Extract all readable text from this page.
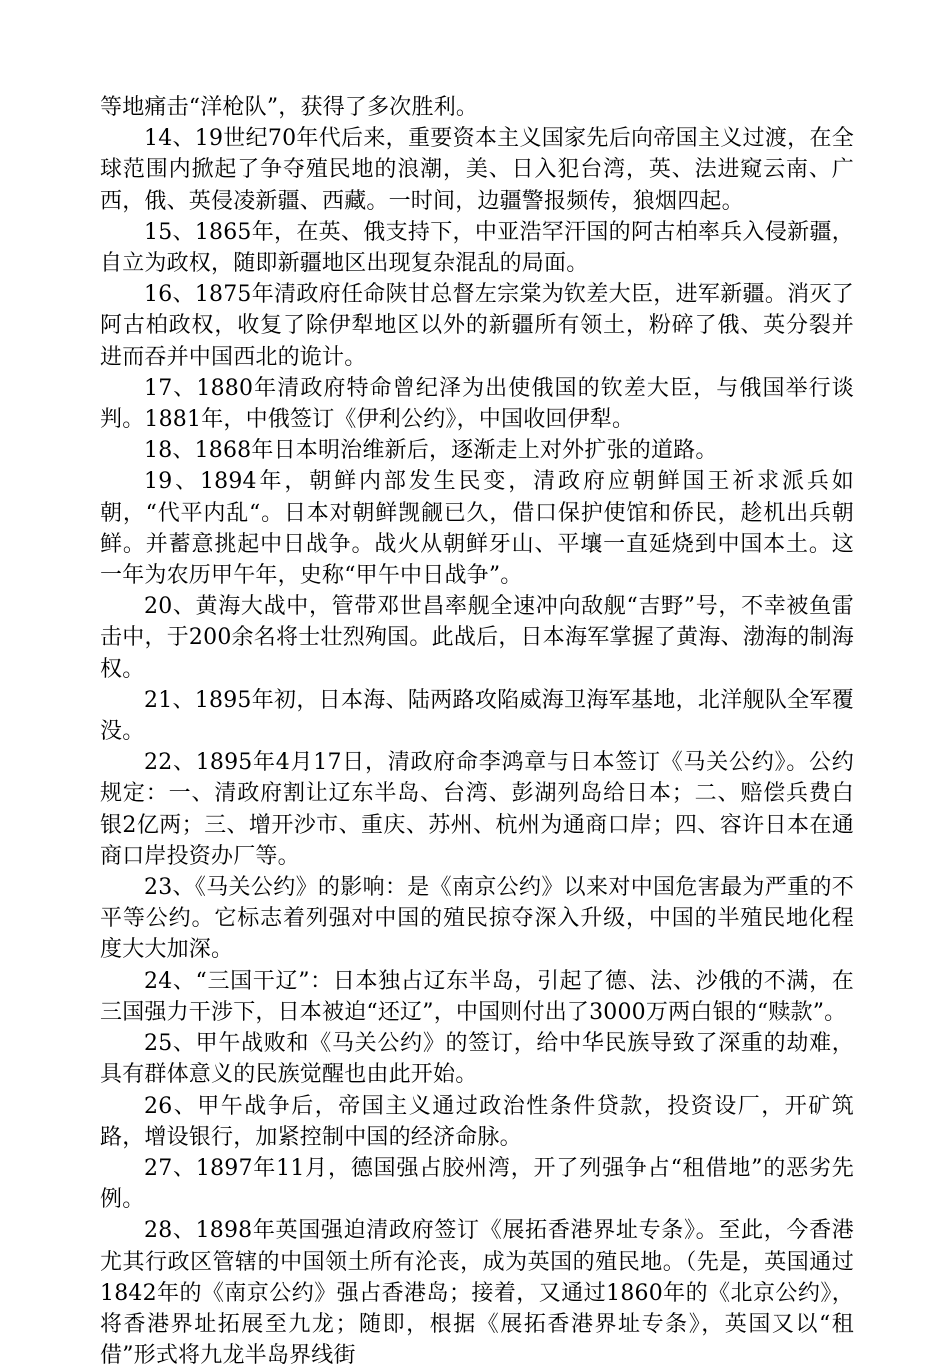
等地痛击“洋枪队”，获得了多次胜利。

14、19世纪70年代后来，重要资本主义国家先后向帝国主义过渡，在全球范围内掀起了争夺殖民地的浪潮，美、日入犯台湾，英、法进窥云南、广西，俄、英侵凌新疆、西藏。一时间，边疆警报频传，狼烟四起。

15、1865年，在英、俄支持下，中亚浩罕汗国的阿古柏率兵入侵新疆，自立为政权，随即新疆地区出现复杂混乱的局面。

16、1875年清政府任命陕甘总督左宗棠为钦差大臣，进军新疆。消灭了阿古柏政权，收复了除伊犁地区以外的新疆所有领土，粉碎了俄、英分裂并进而吞并中国西北的诡计。

17、1880年清政府特命曾纪泽为出使俄国的钦差大臣，与俄国举行谈判。1881年，中俄签订《伊利公约》，中国收回伊犁。

18、1868年日本明治维新后，逐渐走上对外扩张的道路。

19、1894年，朝鲜内部发生民变，清政府应朝鲜国王祈求派兵如朝，“代平内乱“。日本对朝鲜觊觎已久，借口保护使馆和侨民，趁机出兵朝鲜。并蓄意挑起中日战争。战火从朝鲜牙山、平壤一直延烧到中国本土。这一年为农历甲午年，史称“甲午中日战争”。

20、黄海大战中，管带邓世昌率舰全速冲向敌舰“吉野”号，不幸被鱼雷击中，于200余名将士壮烈殉国。此战后，日本海军掌握了黄海、渤海的制海权。

21、1895年初，日本海、陆两路攻陷威海卫海军基地，北洋舰队全军覆没。

22、1895年4月17日，清政府命李鸿章与日本签订《马关公约》。公约规定：一、清政府割让辽东半岛、台湾、彭湖列岛给日本；二、赔偿兵费白银2亿两；三、增开沙市、重庆、苏州、杭州为通商口岸；四、容许日本在通商口岸投资办厂等。

23、《马关公约》的影响：是《南京公约》以来对中国危害最为严重的不平等公约。它标志着列强对中国的殖民掠夺深入升级，中国的半殖民地化程度大大加深。

24、“三国干辽”：日本独占辽东半岛，引起了德、法、沙俄的不满，在三国强力干涉下，日本被迫“还辽”，中国则付出了3000万两白银的“赎款”。

25、甲午战败和《马关公约》的签订，给中华民族导致了深重的劫难，具有群体意义的民族觉醒也由此开始。

26、甲午战争后，帝国主义通过政治性条件贷款，投资设厂，开矿筑路，增设银行，加紧控制中国的经济命脉。

27、1897年11月，德国强占胶州湾，开了列强争占“租借地”的恶劣先例。

28、1898年英国强迫清政府签订《展拓香港界址专条》。至此，今香港尤其行政区管辖的中国领土所有沦丧，成为英国的殖民地。（先是，英国通过1842年的《南京公约》强占香港岛；接着，又通过1860年的《北京公约》，将香港界址拓展至九龙；随即，根据《展拓香港界址专条》，英国又以“租借”形式将九龙半岛界线街
